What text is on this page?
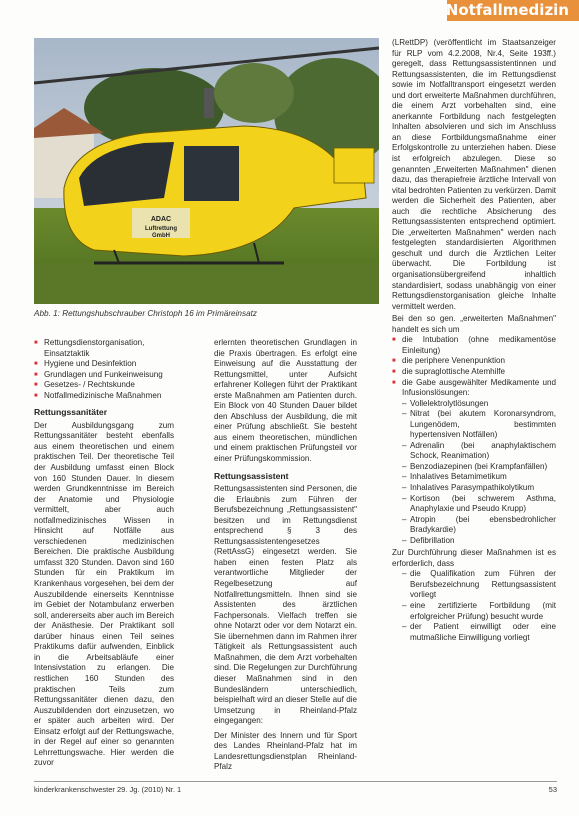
Notfallmedizin
ADAC
Luftrettung
GmbH
Abb. 1: Rettungshubschrauber Christoph 16 im Primäreinsatz
■ Rettungsdienstorganisation, Einsatztaktik
■ Hygiene und Desinfektion
■ Grundlagen und Funkeinweisung
■ Gesetzes- / Rechtskunde
■ Notfallmedizinische Maßnahmen
Rettungssanitäter

Der Ausbildungsgang zum Rettungssanitäter besteht ebenfalls aus einem theoretischen und einem praktischen Teil. Der theoretische Teil der Ausbildung umfasst einen Block von 160 Stunden Dauer. In diesem werden Grundkenntnisse im Bereich der Anatomie und Physiologie vermittelt, aber auch notfallmedizinisches Wissen in Hinsicht auf Notfälle aus verschiedenen medizinischen Bereichen. Die praktische Ausbildung umfasst 320 Stunden. Davon sind 160 Stunden für ein Praktikum im Krankenhaus vorgesehen, bei dem der Auszubildende einerseits Kenntnisse im Gebiet der Notambulanz erwerben soll, andererseits aber auch im Bereich der Anästhesie. Der Praktikant soll darüber hinaus einen Teil seines Praktikums dafür aufwenden, Einblick in die Arbeitsabläufe einer Intensivstation zu erlangen. Die restlichen 160 Stunden des praktischen Teils zum Rettungssanitäter dienen dazu, den Auszubildenden dort einzusetzen, wo er später auch arbeiten wird. Der Einsatz erfolgt auf der Rettungswache, in der Regel auf einer so genannten Lehrrettungswache. Hier werden die zuvor

erlernten theoretischen Grundlagen in die Praxis übertragen. Es erfolgt eine Einweisung auf die Ausstattung der Rettungsmittel, unter Aufsicht erfahrener Kollegen führt der Praktikant erste Maßnahmen am Patienten durch. Ein Block von 40 Stunden Dauer bildet den Abschluss der Ausbildung, die mit einer Prüfung abschließt. Sie besteht aus einem theoretischen, mündlichen und einem praktischen Prüfungsteil vor einer Prüfungskommission.

Rettungsassistent

Rettungsassistenten sind Personen, die die Erlaubnis zum Führen der Berufsbezeichnung „Rettungsassistent" besitzen und im Rettungsdienst entsprechend § 3 des Rettungsassistentengesetzes (RettAssG) eingesetzt werden. Sie haben einen festen Platz als verantwortliche Mitglieder der Regelbesetzung auf Notfallrettungsmitteln. Ihnen sind sie Assistenten des ärztlichen Fachpersonals. Vielfach treffen sie ohne Notarzt oder vor dem Notarzt ein. Sie übernehmen dann im Rahmen ihrer Tätigkeit als Rettungsassistent auch Maßnahmen, die dem Arzt vorbehalten sind. Die Regelungen zur Durchführung dieser Maßnahmen sind in den Bundesländern unterschiedlich, beispielhaft wird an dieser Stelle auf die Umsetzung in Rheinland-Pfalz eingegangen:

Der Minister des Innern und für Sport des Landes Rheinland-Pfalz hat im Landesrettungsdienstplan Rheinland-Pfalz

(LRettDP) (veröffentlicht im Staatsanzeiger für RLP vom 4.2.2008, Nr.4, Seite 193ff.) geregelt, dass Rettungsassistentinnen und Rettungsassistenten, die im Rettungsdienst sowie im Notfalltransport eingesetzt werden und dort erweiterte Maßnahmen durchführen, die einem Arzt vorbehalten sind, eine anerkannte Fortbildung nach festgelegten Inhalten absolvieren und sich im Anschluss an diese Fortbildungsmaßnahme einer Erfolgskontrolle zu unterziehen haben. Diese ist erfolgreich abzulegen. Diese so genannten „Erweiterten Maßnahmen" dienen dazu, das therapiefreie ärztliche Intervall von vital bedrohten Patienten zu verkürzen. Damit werden die Sicherheit des Patienten, aber auch die rechtliche Absicherung des Rettungsassistenten entsprechend optimiert. Die „erweiterten Maßnahmen" werden nach festgelegten standardisierten Algorithmen geschult und durch die Ärztlichen Leiter überwacht. Die Fortbildung ist organisationsübergreifend inhaltlich standardisiert, sodass unabhängig von einer Rettungsdienstorganisation gleiche Inhalte vermittelt werden.

Bei den so gen. „erweiterten Maßnahmen" handelt es sich um

■ die Intubation (ohne medikamentöse Einleitung)
■ die periphere Venenpunktion
■ die supraglottische Atemhilfe
■ die Gabe ausgewählter Medikamente und Infusionslösungen:
– Vollelektrolytlösungen
– Nitrat (bei akutem Koronarsyndrom, Lungenödem, bestimmten hypertensiven Notfällen)
– Adrenalin (bei anaphylaktischem Schock, Reanimation)
– Benzodiazepinen (bei Krampfanfällen)
– Inhalatives Betamimetikum
– Inhalatives Parasympathikolytikum
– Kortison (bei schwerem Asthma, Anaphylaxie und Pseudo Krupp)
– Atropin (bei ebensbedrohlicher Bradykardie)
– Defibrillation

Zur Durchführung dieser Maßnahmen ist es erforderlich, dass

– die Qualifikation zum Führen der Berufsbezeichnung Rettungsassistent vorliegt
– eine zertifizierte Fortbildung (mit erfolgreicher Prüfung) besucht wurde
– der Patient einwilligt oder eine mutmaßliche Einwilligung vorliegt
kinderkrankenschwester 29. Jg. (2010) Nr. 1	53
